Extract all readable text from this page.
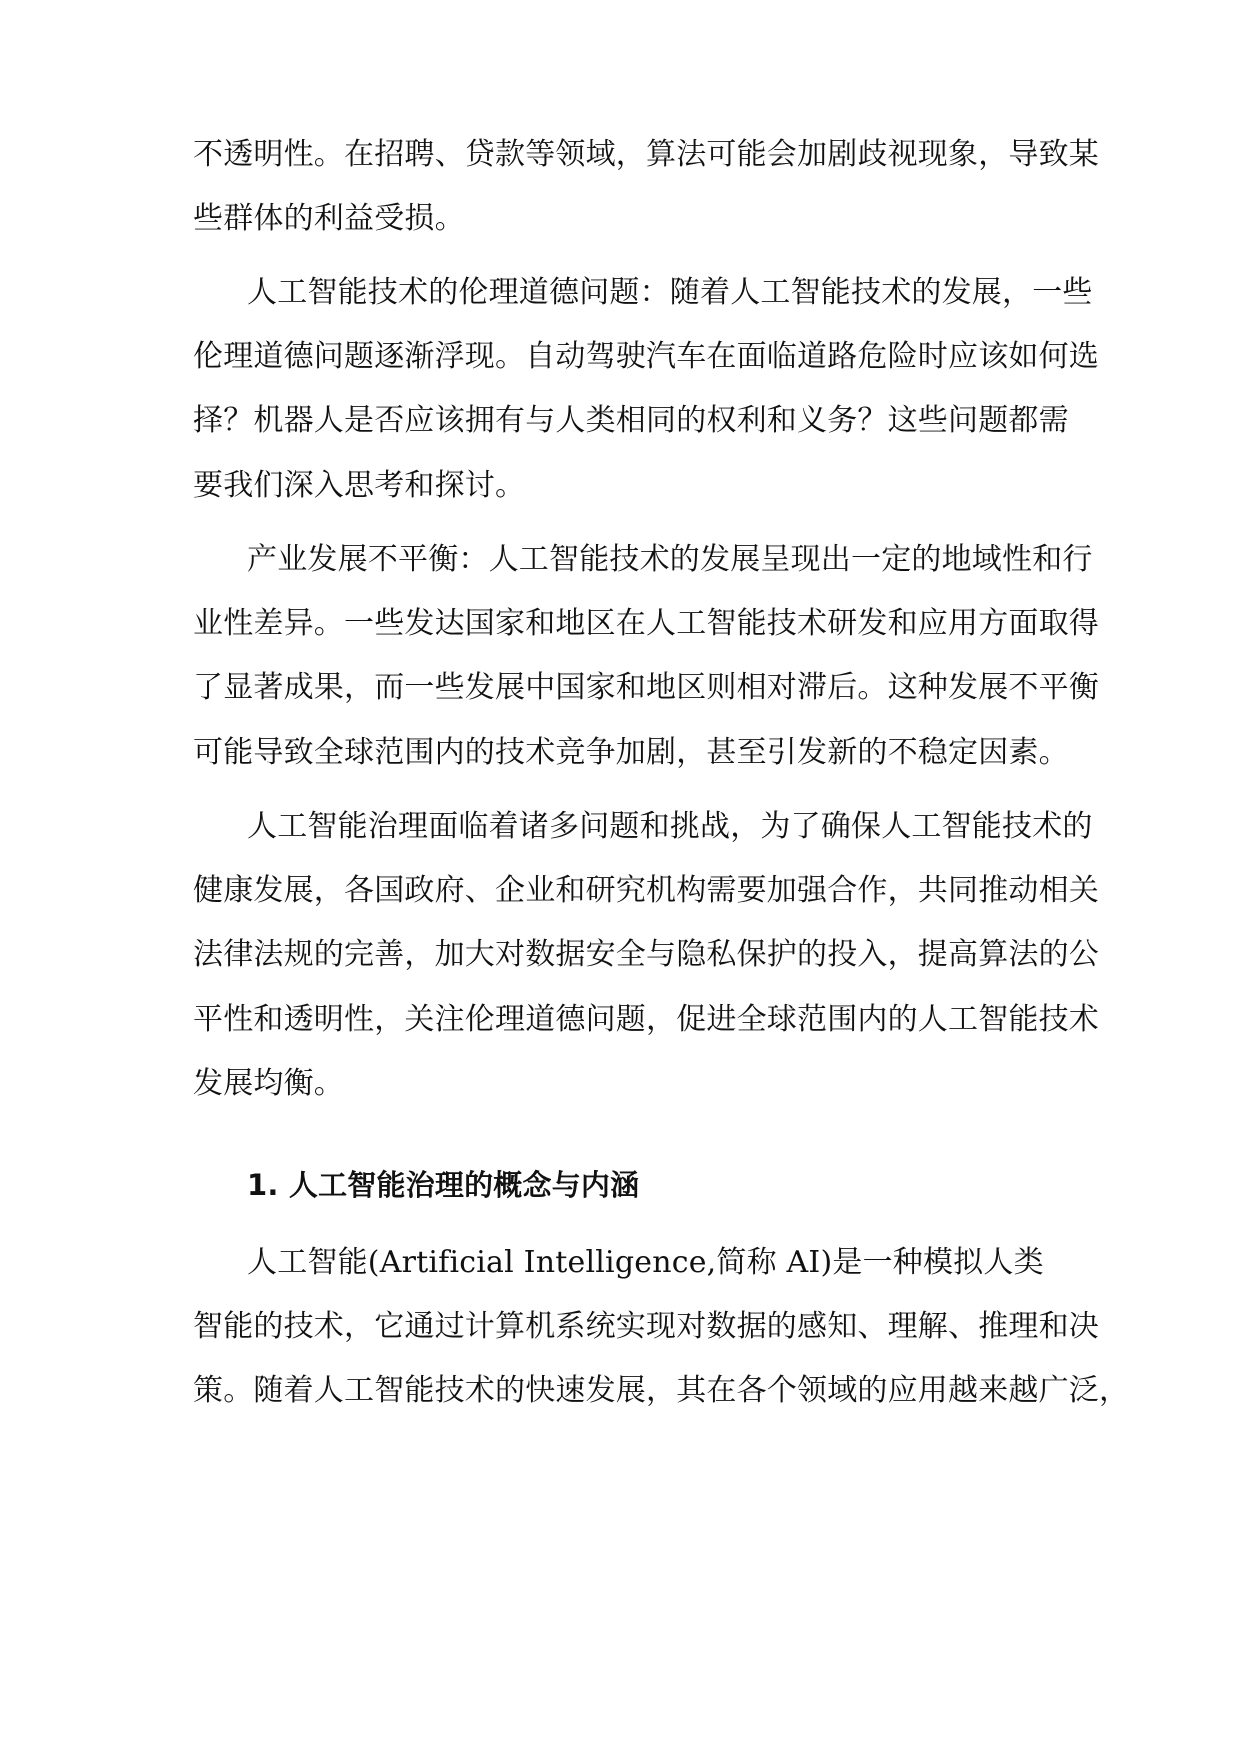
不透明性。在招聘、贷款等领域，算法可能会加剧歧视现象，导致某
些群体的利益受损。
人工智能技术的伦理道德问题：随着人工智能技术的发展，一些
伦理道德问题逐渐浮现。自动驾驶汽车在面临道路危险时应该如何选
择？机器人是否应该拥有与人类相同的权利和义务？这些问题都需
要我们深入思考和探讨。
产业发展不平衡：人工智能技术的发展呈现出一定的地域性和行
业性差异。一些发达国家和地区在人工智能技术研发和应用方面取得
了显著成果，而一些发展中国家和地区则相对滞后。这种发展不平衡
可能导致全球范围内的技术竞争加剧，甚至引发新的不稳定因素。
人工智能治理面临着诸多问题和挑战，为了确保人工智能技术的
健康发展，各国政府、企业和研究机构需要加强合作，共同推动相关
法律法规的完善，加大对数据安全与隐私保护的投入，提高算法的公
平性和透明性，关注伦理道德问题，促进全球范围内的人工智能技术
发展均衡。
1. 人工智能治理的概念与内涵
人工智能(Artificial Intelligence,简称 AI)是一种模拟人类
智能的技术，它通过计算机系统实现对数据的感知、理解、推理和决
策。随着人工智能技术的快速发展，其在各个领域的应用越来越广泛，
